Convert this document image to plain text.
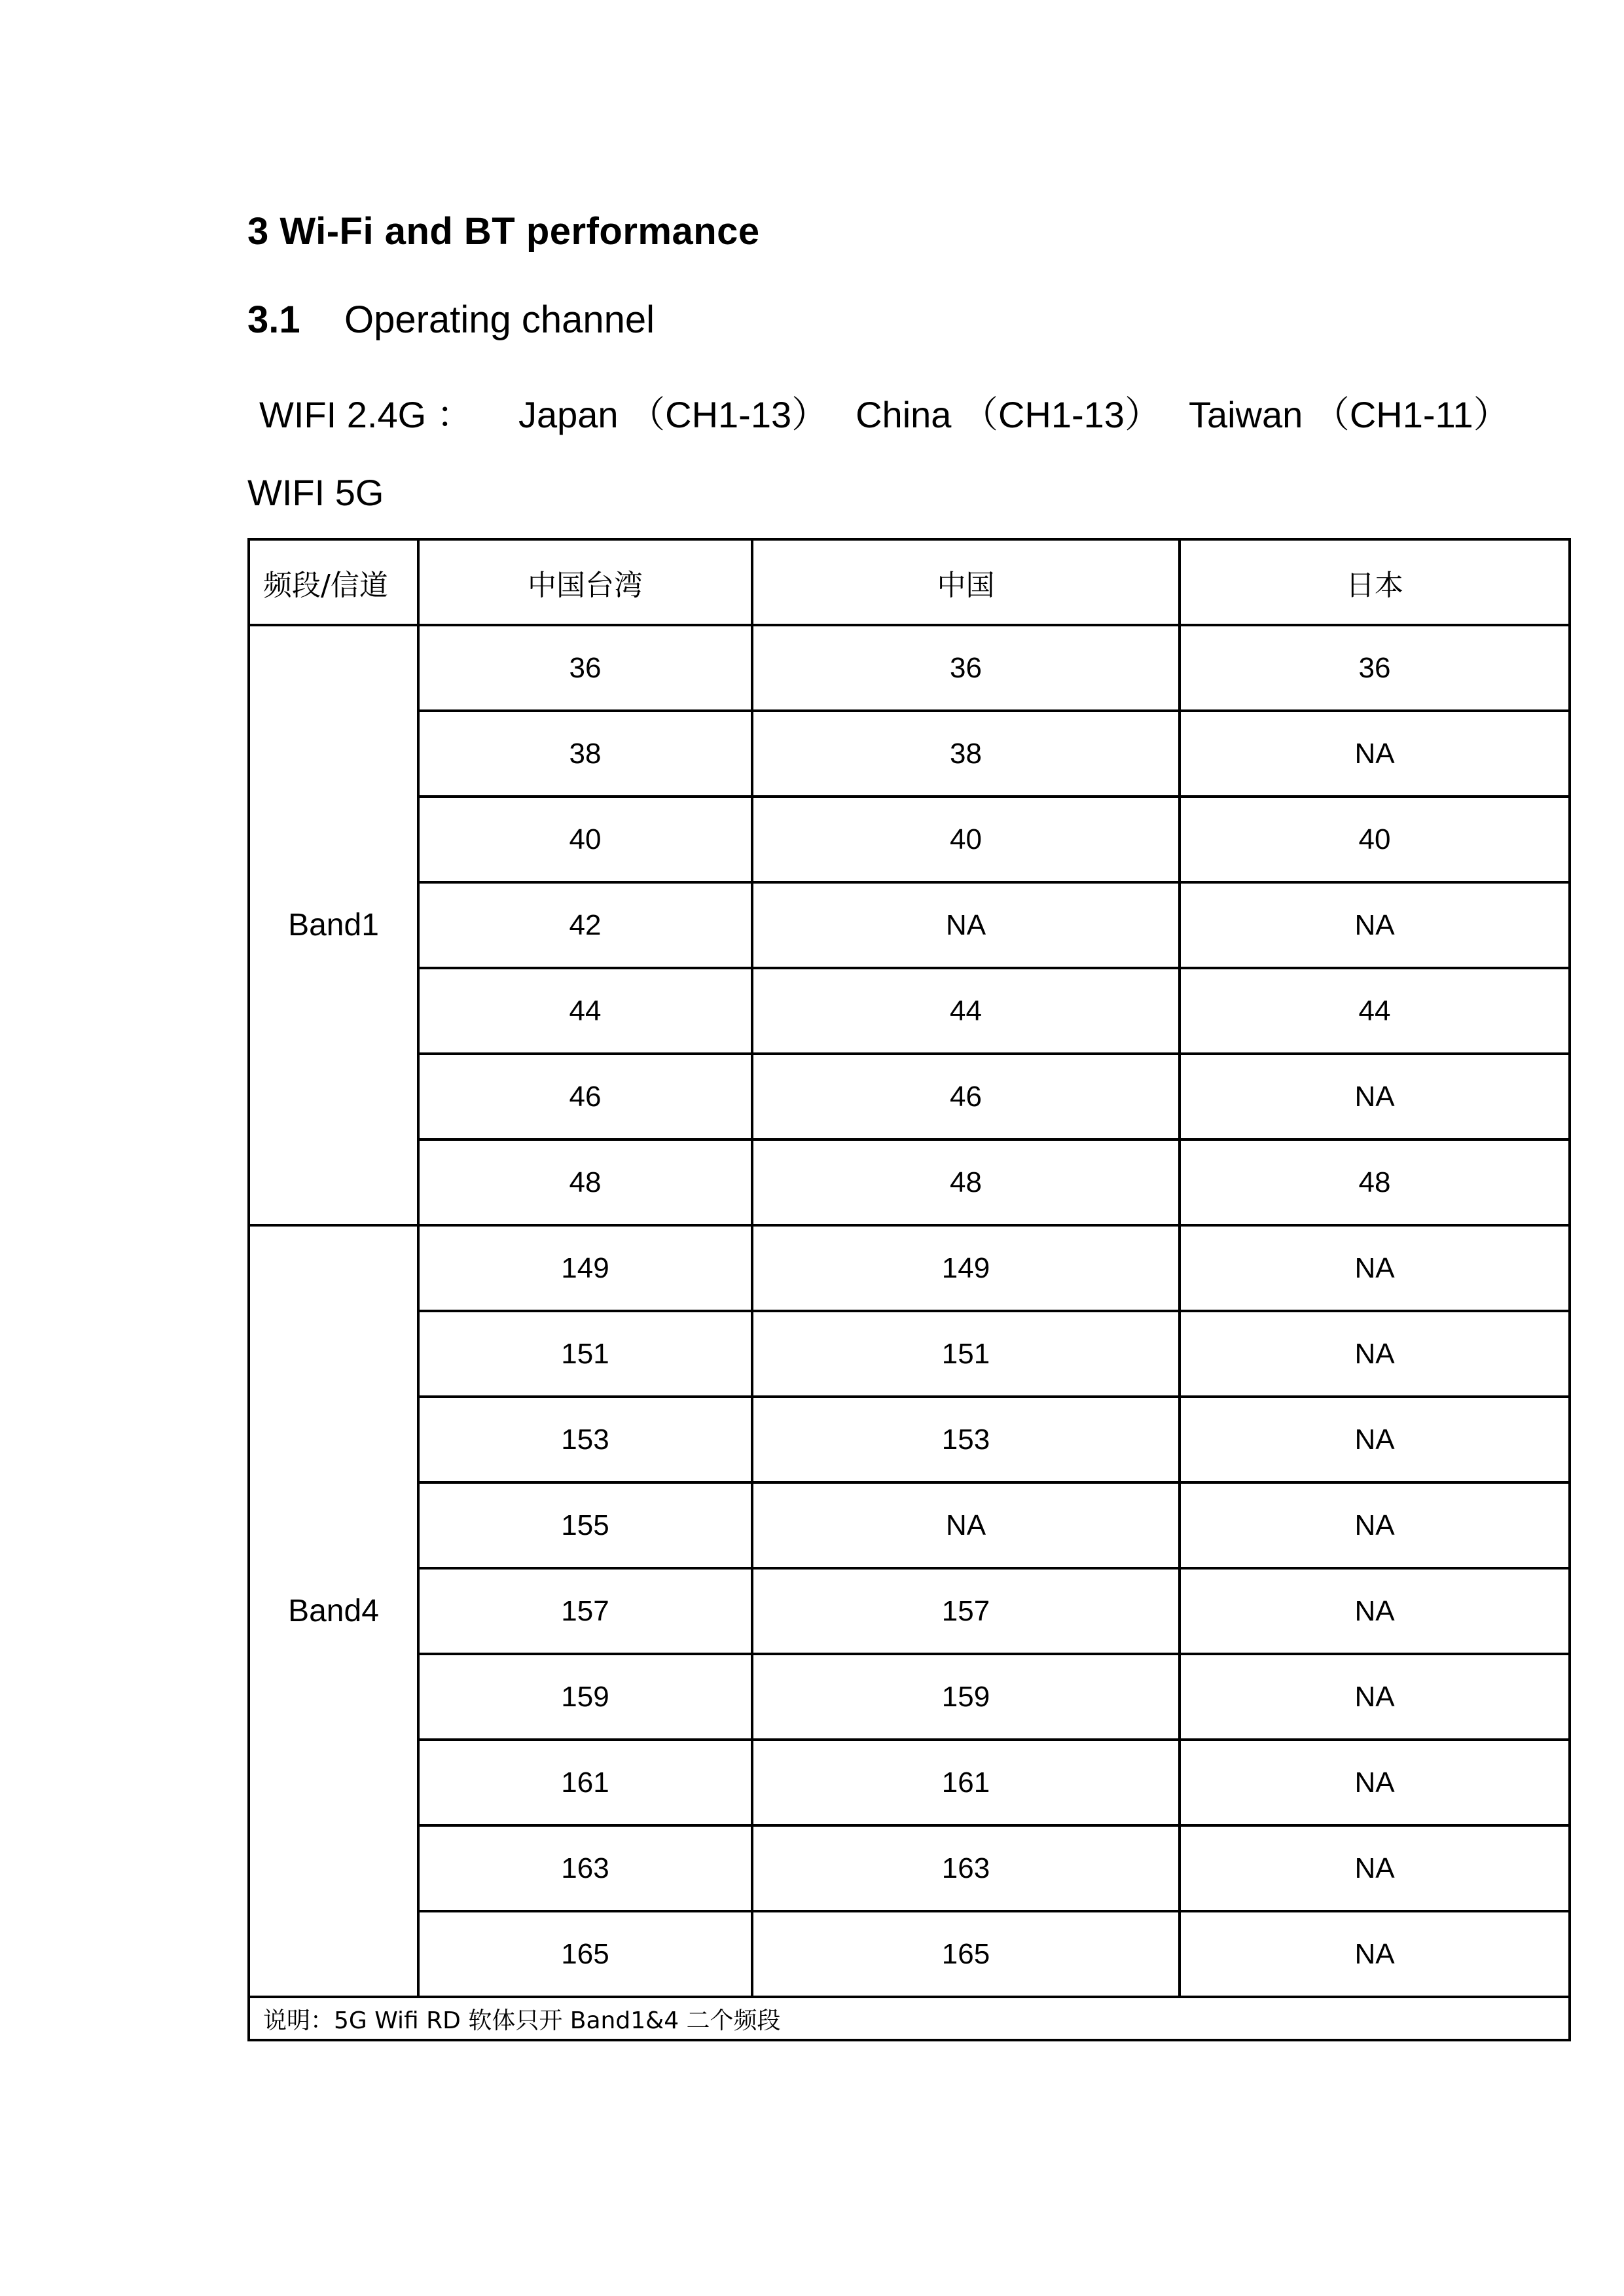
3 Wi-Fi and BT performance
3.1 Operating channel
WIFI 2.4G ： Japan （CH1-13） China （CH1-13） Taiwan （CH1-11）
WIFI 5G
频段/信道	中国台湾	中国	日本
Band1	36	36	36
	38	38	NA
	40	40	40
	42	NA	NA
	44	44	44
	46	46	NA
	48	48	48
Band4	149	149	NA
	151	151	NA
	153	153	NA
	155	NA	NA
	157	157	NA
	159	159	NA
	161	161	NA
	163	163	NA
	165	165	NA
说明：5G Wifi RD 软体只开 Band1&4 二个频段			
